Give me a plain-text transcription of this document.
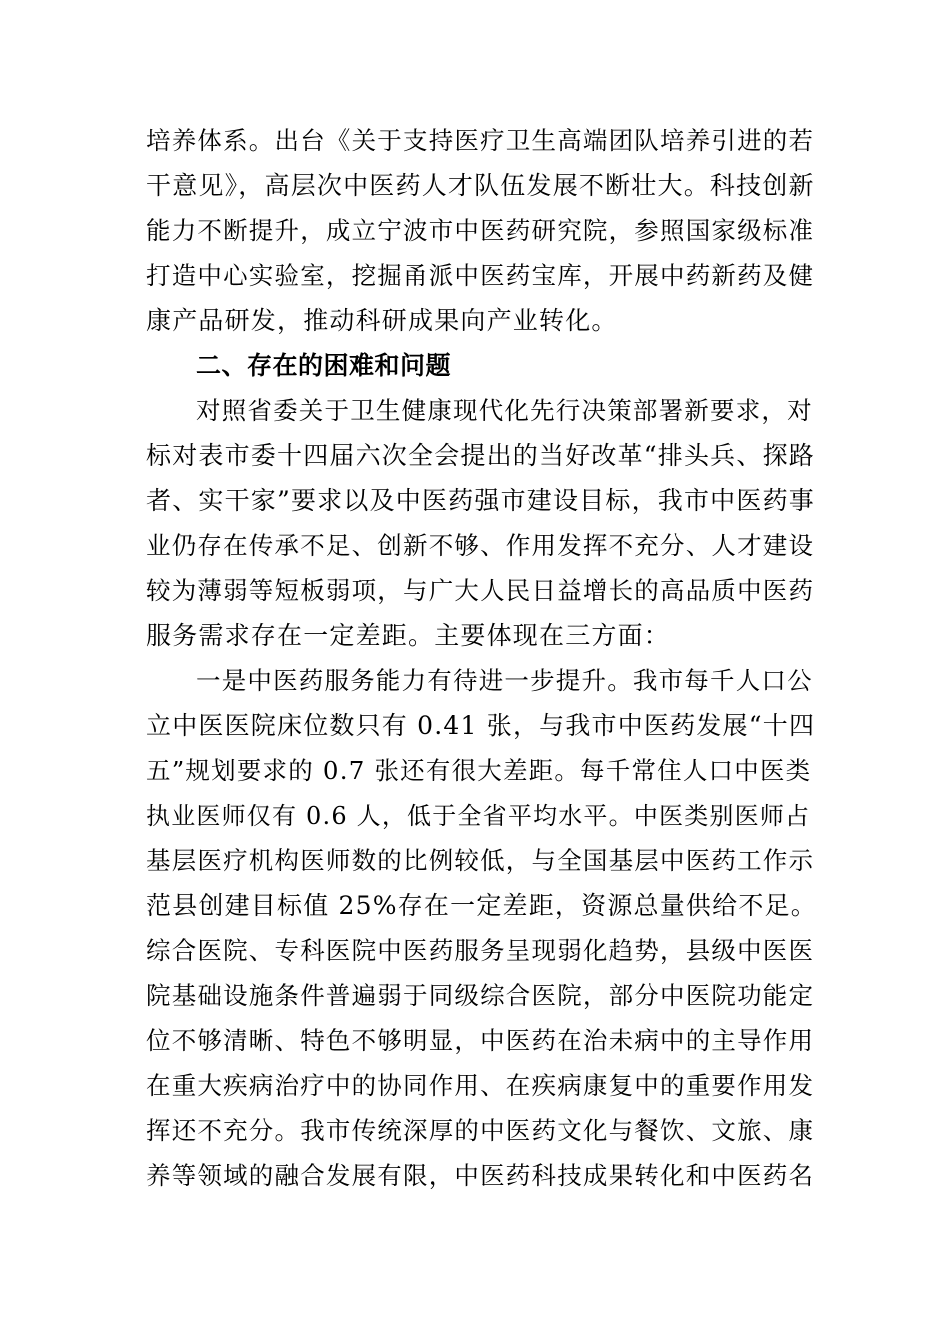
培养体系。出台《关于支持医疗卫生高端团队培养引进的若
干意见》，高层次中医药人才队伍发展不断壮大。科技创新
能力不断提升，成立宁波市中医药研究院，参照国家级标准
打造中心实验室，挖掘甬派中医药宝库，开展中药新药及健
康产品研发，推动科研成果向产业转化。
二、存在的困难和问题
对照省委关于卫生健康现代化先行决策部署新要求，对
标对表市委十四届六次全会提出的当好改革“排头兵、探路
者、实干家”要求以及中医药强市建设目标，我市中医药事
业仍存在传承不足、创新不够、作用发挥不充分、人才建设
较为薄弱等短板弱项，与广大人民日益增长的高品质中医药
服务需求存在一定差距。主要体现在三方面：
一是中医药服务能力有待进一步提升。我市每千人口公
立中医医院床位数只有 0.41 张，与我市中医药发展“十四
五”规划要求的 0.7 张还有很大差距。每千常住人口中医类
执业医师仅有 0.6 人，低于全省平均水平。中医类别医师占
基层医疗机构医师数的比例较低，与全国基层中医药工作示
范县创建目标值 25%存在一定差距，资源总量供给不足。
综合医院、专科医院中医药服务呈现弱化趋势，县级中医医
院基础设施条件普遍弱于同级综合医院，部分中医院功能定
位不够清晰、特色不够明显，中医药在治未病中的主导作用
在重大疾病治疗中的协同作用、在疾病康复中的重要作用发
挥还不充分。我市传统深厚的中医药文化与餐饮、文旅、康
养等领域的融合发展有限，中医药科技成果转化和中医药名
